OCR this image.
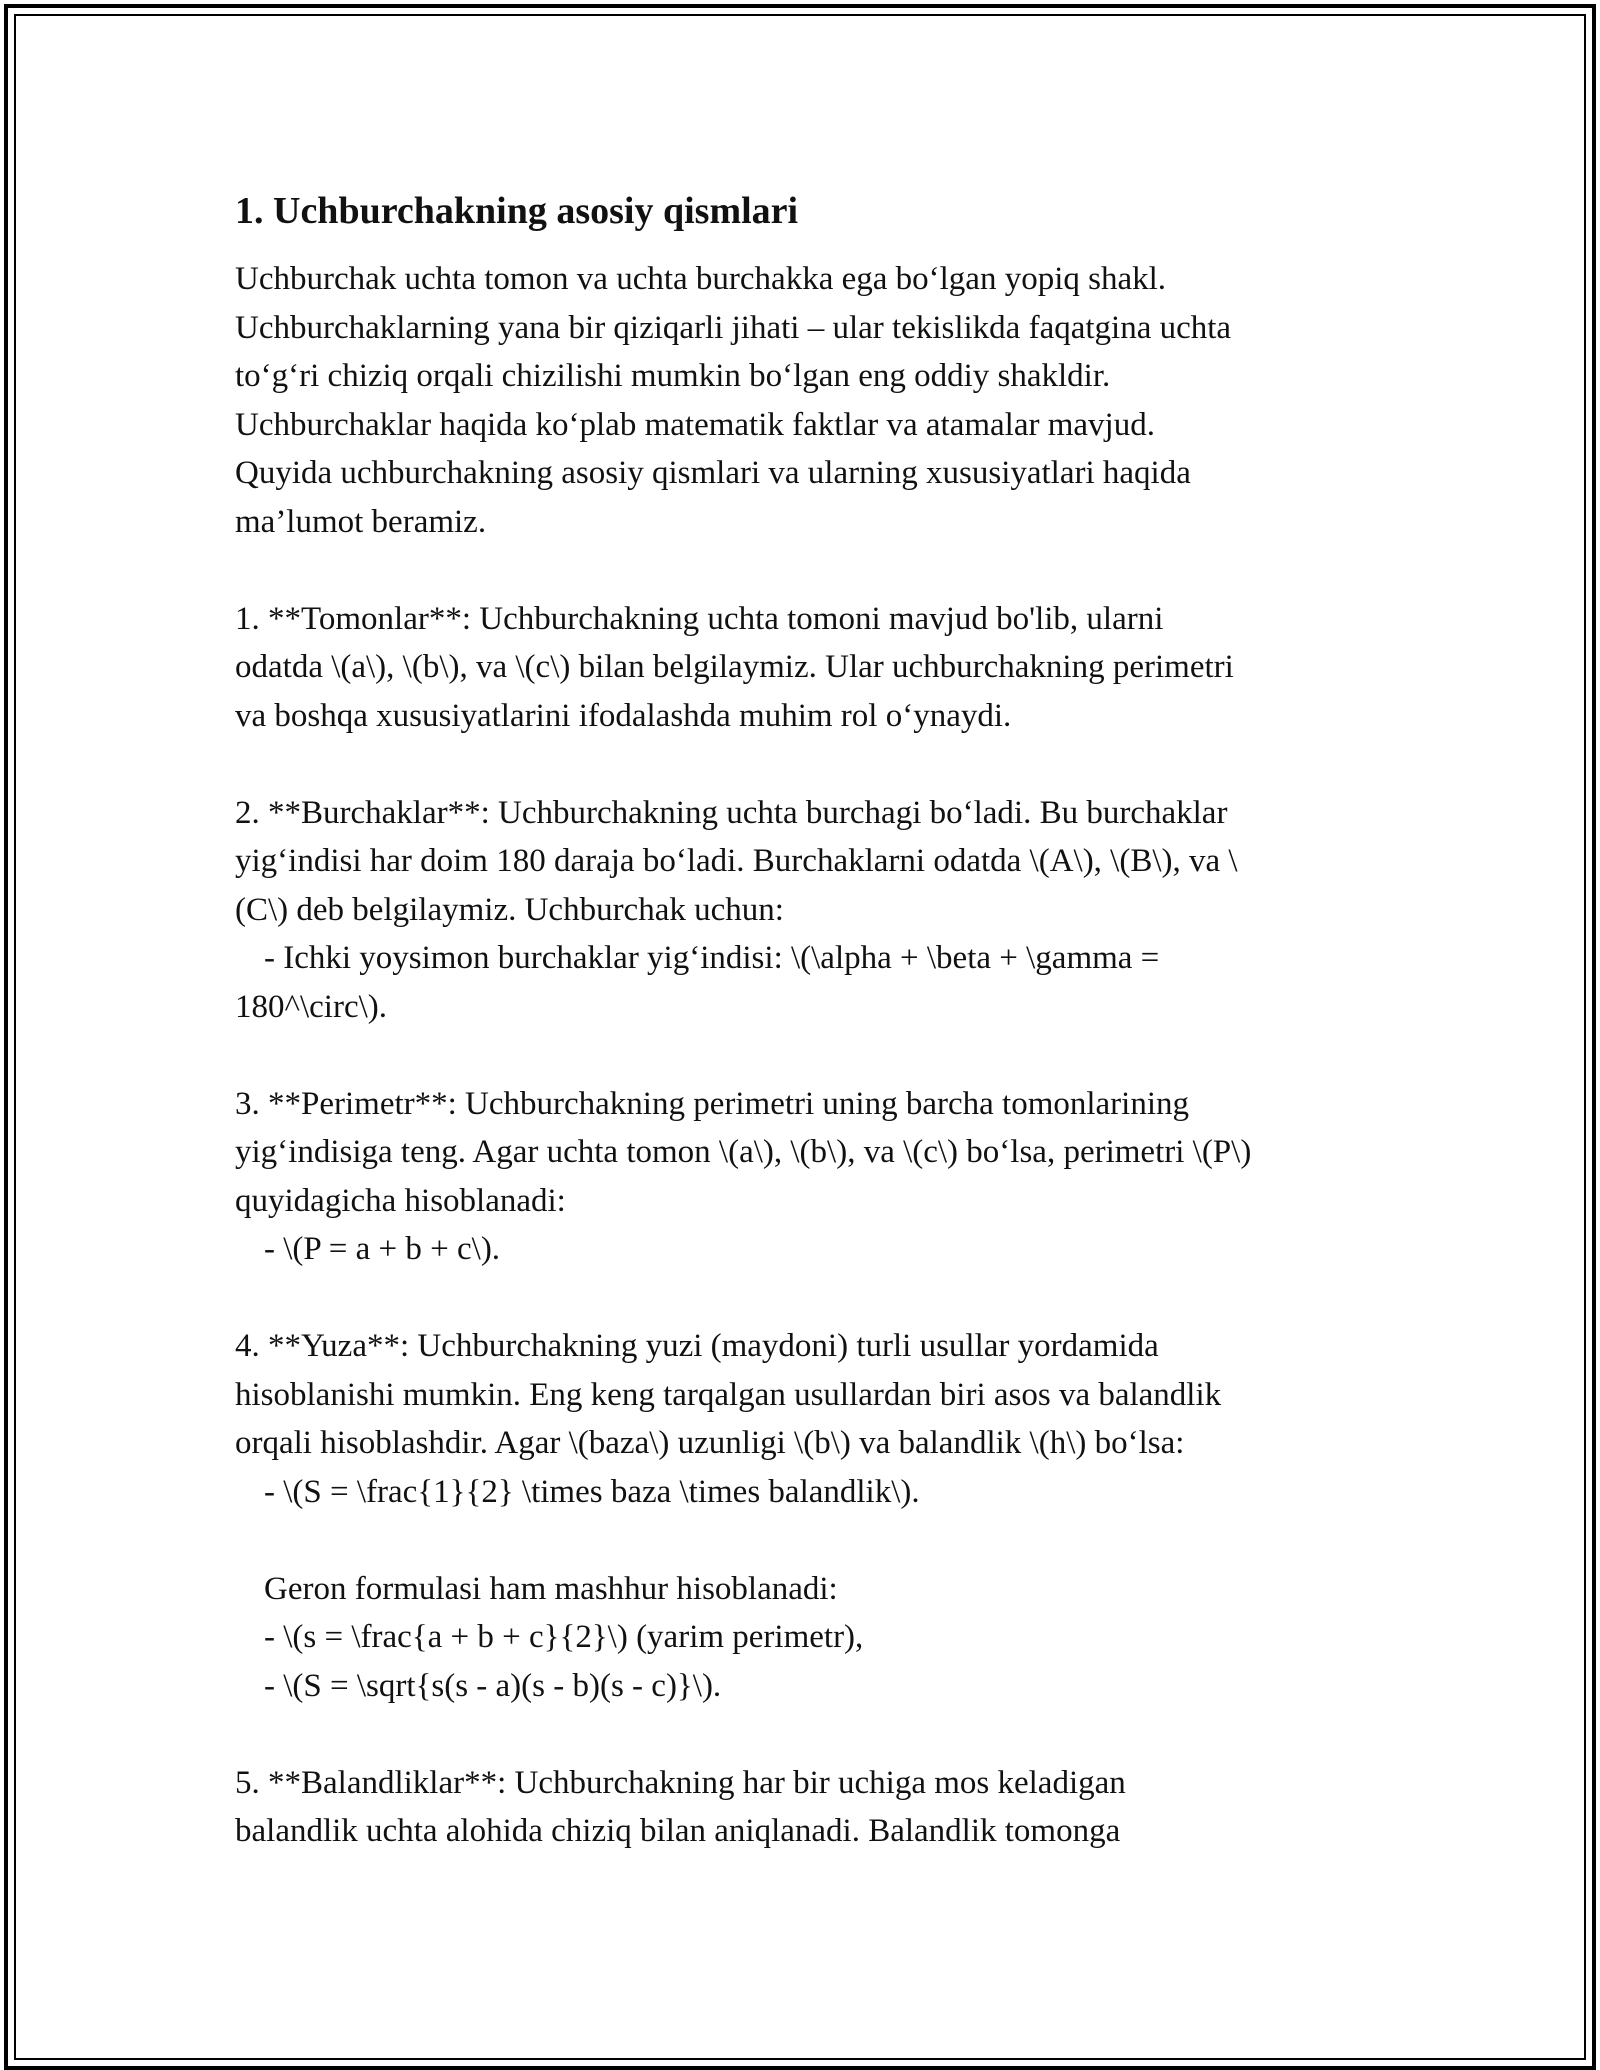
1. Uchburchakning asosiy qismlari

Uchburchak uchta tomon va uchta burchakka ega bo‘lgan yopiq shakl.

Uchburchaklarning yana bir qiziqarli jihati – ular tekislikda faqatgina uchta

to‘g‘ri chiziq orqali chizilishi mumkin bo‘lgan eng oddiy shakldir.

Uchburchaklar haqida ko‘plab matematik faktlar va atamalar mavjud.

Quyida uchburchakning asosiy qismlari va ularning xususiyatlari haqida

ma’lumot beramiz.

1. **Tomonlar**: Uchburchakning uchta tomoni mavjud bo'lib, ularni

odatda \(a\), \(b\), va \(c\) bilan belgilaymiz. Ular uchburchakning perimetri

va boshqa xususiyatlarini ifodalashda muhim rol o‘ynaydi.

2. **Burchaklar**: Uchburchakning uchta burchagi bo‘ladi. Bu burchaklar

yig‘indisi har doim 180 daraja bo‘ladi. Burchaklarni odatda \(A\), \(B\), va \

(C\) deb belgilaymiz. Uchburchak uchun:

- Ichki yoysimon burchaklar yig‘indisi: \(\alpha + \beta + \gamma =

180^\circ\).

3. **Perimetr**: Uchburchakning perimetri uning barcha tomonlarining

yig‘indisiga teng. Agar uchta tomon \(a\), \(b\), va \(c\) bo‘lsa, perimetri \(P\)

quyidagicha hisoblanadi:

- \(P = a + b + c\).

4. **Yuza**: Uchburchakning yuzi (maydoni) turli usullar yordamida

hisoblanishi mumkin. Eng keng tarqalgan usullardan biri asos va balandlik

orqali hisoblashdir. Agar \(baza\) uzunligi \(b\) va balandlik \(h\) bo‘lsa:

- \(S = \frac{1}{2} \times baza \times balandlik\).

Geron formulasi ham mashhur hisoblanadi:

- \(s = \frac{a + b + c}{2}\) (yarim perimetr),

- \(S = \sqrt{s(s - a)(s - b)(s - c)}\).

5. **Balandliklar**: Uchburchakning har bir uchiga mos keladigan

balandlik uchta alohida chiziq bilan aniqlanadi. Balandlik tomonga
